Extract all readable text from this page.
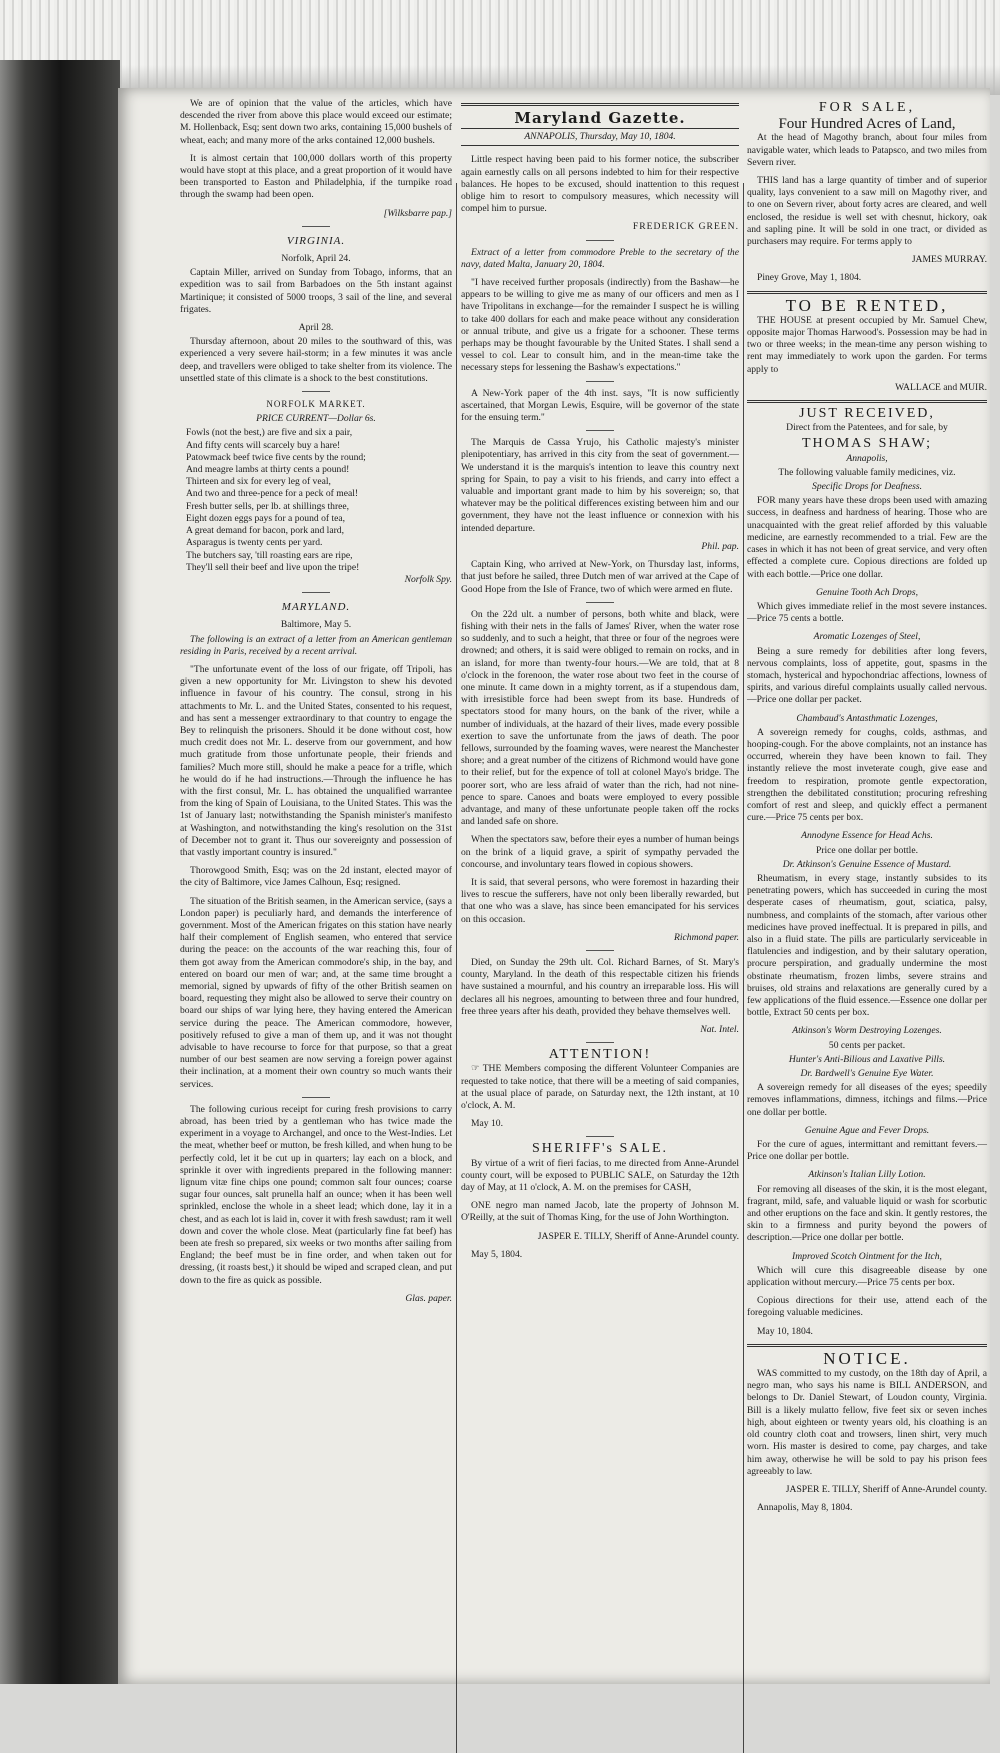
We are of opinion that the value of the articles, which have descended the river from above this place would exceed our estimate; M. Hollenback, Esq; sent down two arks, containing 15,000 bushels of wheat, each; and many more of the arks contained 12,000 bushels.

It is almost certain that 100,000 dollars worth of this property would have stopt at this place, and a great proportion of it would have been transported to Easton and Philadelphia, if the turnpike road through the swamp had been open.

[Wilksbarre pap.]

VIRGINIA.

Norfolk, April 24.

Captain Miller, arrived on Sunday from Tobago, informs, that an expedition was to sail from Barbadoes on the 5th instant against Martinique; it consisted of 5000 troops, 3 sail of the line, and several frigates.

April 28.

Thursday afternoon, about 20 miles to the southward of this, was experienced a very severe hail-storm; in a few minutes it was ancle deep, and travellers were obliged to take shelter from its violence. The unsettled state of this climate is a shock to the best constitutions.

NORFOLK MARKET.

PRICE CURRENT—Dollar 6s.

Fowls (not the best,) are five and six a pair,

And fifty cents will scarcely buy a hare!

Patowmack beef twice five cents by the round;

And meagre lambs at thirty cents a pound!

Thirteen and six for every leg of veal,

And two and three-pence for a peck of meal!

Fresh butter sells, per lb. at shillings three,

Eight dozen eggs pays for a pound of tea,

A great demand for bacon, pork and lard,

Asparagus is twenty cents per yard.

The butchers say, 'till roasting ears are ripe,

They'll sell their beef and live upon the tripe!

Norfolk Spy.

MARYLAND.

Baltimore, May 5.

The following is an extract of a letter from an American gentleman residing in Paris, received by a recent arrival.

"The unfortunate event of the loss of our frigate, off Tripoli, has given a new opportunity for Mr. Livingston to shew his devoted influence in favour of his country. The consul, strong in his attachments to Mr. L. and the United States, consented to his request, and has sent a messenger extraordinary to that country to engage the Bey to relinquish the prisoners. Should it be done without cost, how much credit does not Mr. L. deserve from our government, and how much gratitude from those unfortunate people, their friends and families? Much more still, should he make a peace for a trifle, which he would do if he had instructions.—Through the influence he has with the first consul, Mr. L. has obtained the unqualified warrantee from the king of Spain of Louisiana, to the United States. This was the 1st of January last; notwithstanding the Spanish minister's manifesto at Washington, and notwithstanding the king's resolution on the 31st of December not to grant it. Thus our sovereignty and possession of that vastly important country is insured."

Thorowgood Smith, Esq; was on the 2d instant, elected mayor of the city of Baltimore, vice James Calhoun, Esq; resigned.

The situation of the British seamen, in the American service, (says a London paper) is peculiarly hard, and demands the interference of government. Most of the American frigates on this station have nearly half their complement of English seamen, who entered that service during the peace: on the accounts of the war reaching this, four of them got away from the American commodore's ship, in the bay, and entered on board our men of war; and, at the same time brought a memorial, signed by upwards of fifty of the other British seamen on board, requesting they might also be allowed to serve their country on board our ships of war lying here, they having entered the American service during the peace. The American commodore, however, positively refused to give a man of them up, and it was not thought advisable to have recourse to force for that purpose, so that a great number of our best seamen are now serving a foreign power against their inclination, at a moment their own country so much wants their services.

The following curious receipt for curing fresh provisions to carry abroad, has been tried by a gentleman who has twice made the experiment in a voyage to Archangel, and once to the West-Indies. Let the meat, whether beef or mutton, be fresh killed, and when hung to be perfectly cold, let it be cut up in quarters; lay each on a block, and sprinkle it over with ingredients prepared in the following manner: lignum vitæ fine chips one pound; common salt four ounces; coarse sugar four ounces, salt prunella half an ounce; when it has been well sprinkled, enclose the whole in a sheet lead; which done, lay it in a chest, and as each lot is laid in, cover it with fresh sawdust; ram it well down and cover the whole close. Meat (particularly fine fat beef) has been ate fresh so prepared, six weeks or two months after sailing from England; the beef must be in fine order, and when taken out for dressing, (it roasts best,) it should be wiped and scraped clean, and put down to the fire as quick as possible.

Glas. paper.

Maryland Gazette.

ANNAPOLIS, Thursday, May 10, 1804.

Little respect having been paid to his former notice, the subscriber again earnestly calls on all persons indebted to him for their respective balances. He hopes to be excused, should inattention to this request oblige him to resort to compulsory measures, which necessity will compel him to pursue.

FREDERICK GREEN.

Extract of a letter from commodore Preble to the secretary of the navy, dated Malta, January 20, 1804.

"I have received further proposals (indirectly) from the Bashaw—he appears to be willing to give me as many of our officers and men as I have Tripolitans in exchange—for the remainder I suspect he is willing to take 400 dollars for each and make peace without any consideration or annual tribute, and give us a frigate for a schooner. These terms perhaps may be thought favourable by the United States. I shall send a vessel to col. Lear to consult him, and in the mean-time take the necessary steps for lessening the Bashaw's expectations."

A New-York paper of the 4th inst. says, "It is now sufficiently ascertained, that Morgan Lewis, Esquire, will be governor of the state for the ensuing term."

The Marquis de Cassa Yrujo, his Catholic majesty's minister plenipotentiary, has arrived in this city from the seat of government.—We understand it is the marquis's intention to leave this country next spring for Spain, to pay a visit to his friends, and carry into effect a valuable and important grant made to him by his sovereign; so, that whatever may be the political differences existing between him and our government, they have not the least influence or connexion with his intended departure.

Phil. pap.

Captain King, who arrived at New-York, on Thursday last, informs, that just before he sailed, three Dutch men of war arrived at the Cape of Good Hope from the Isle of France, two of which were armed en flute.

On the 22d ult. a number of persons, both white and black, were fishing with their nets in the falls of James' River, when the water rose so suddenly, and to such a height, that three or four of the negroes were drowned; and others, it is said were obliged to remain on rocks, and in an island, for more than twenty-four hours.—We are told, that at 8 o'clock in the forenoon, the water rose about two feet in the course of one minute. It came down in a mighty torrent, as if a stupendous dam, with irresistible force had been swept from its base. Hundreds of spectators stood for many hours, on the bank of the river, while a number of individuals, at the hazard of their lives, made every possible exertion to save the unfortunate from the jaws of death. The poor fellows, surrounded by the foaming waves, were nearest the Manchester shore; and a great number of the citizens of Richmond would have gone to their relief, but for the expence of toll at colonel Mayo's bridge. The poorer sort, who are less afraid of water than the rich, had not nine-pence to spare. Canoes and boats were employed to every possible advantage, and many of these unfortunate people taken off the rocks and landed safe on shore.

When the spectators saw, before their eyes a number of human beings on the brink of a liquid grave, a spirit of sympathy pervaded the concourse, and involuntary tears flowed in copious showers.

It is said, that several persons, who were foremost in hazarding their lives to rescue the sufferers, have not only been liberally rewarded, but that one who was a slave, has since been emancipated for his services on this occasion.

Richmond paper.

Died, on Sunday the 29th ult. Col. Richard Barnes, of St. Mary's county, Maryland. In the death of this respectable citizen his friends have sustained a mournful, and his country an irreparable loss. His will declares all his negroes, amounting to between three and four hundred, free three years after his death, provided they behave themselves well.

Nat. Intel.

ATTENTION!

☞ THE Members composing the different Volunteer Companies are requested to take notice, that there will be a meeting of said companies, at the usual place of parade, on Saturday next, the 12th instant, at 10 o'clock, A. M.

May 10.

SHERIFF's SALE.

By virtue of a writ of fieri facias, to me directed from Anne-Arundel county court, will be exposed to PUBLIC SALE, on Saturday the 12th day of May, at 11 o'clock, A. M. on the premises for CASH,

ONE negro man named Jacob, late the property of Johnson M. O'Reilly, at the suit of Thomas King, for the use of John Worthington.

JASPER E. TILLY, Sheriff of Anne-Arundel county.

May 5, 1804.

FOR SALE,

Four Hundred Acres of Land,

At the head of Magothy branch, about four miles from navigable water, which leads to Patapsco, and two miles from Severn river.

THIS land has a large quantity of timber and of superior quality, lays convenient to a saw mill on Magothy river, and to one on Severn river, about forty acres are cleared, and well enclosed, the residue is well set with chesnut, hickory, oak and sapling pine. It will be sold in one tract, or divided as purchasers may require. For terms apply to

JAMES MURRAY.

Piney Grove, May 1, 1804.

TO BE RENTED,

THE HOUSE at present occupied by Mr. Samuel Chew, opposite major Thomas Harwood's. Possession may be had in two or three weeks; in the mean-time any person wishing to rent may immediately to work upon the garden. For terms apply to

WALLACE and MUIR.

JUST RECEIVED,

Direct from the Patentees, and for sale, by

THOMAS SHAW;

Annapolis,

The following valuable family medicines, viz.

Specific Drops for Deafness.

FOR many years have these drops been used with amazing success, in deafness and hardness of hearing. Those who are unacquainted with the great relief afforded by this valuable medicine, are earnestly recommended to a trial. Few are the cases in which it has not been of great service, and very often effected a complete cure. Copious directions are folded up with each bottle.—Price one dollar.

Genuine Tooth Ach Drops,

Which gives immediate relief in the most severe instances.—Price 75 cents a bottle.

Aromatic Lozenges of Steel,

Being a sure remedy for debilities after long fevers, nervous complaints, loss of appetite, gout, spasms in the stomach, hysterical and hypochondriac affections, lowness of spirits, and various direful complaints usually called nervous.—Price one dollar per packet.

Chambaud's Antasthmatic Lozenges,

A sovereign remedy for coughs, colds, asthmas, and hooping-cough. For the above complaints, not an instance has occurred, wherein they have been known to fail. They instantly relieve the most inveterate cough, give ease and freedom to respiration, promote gentle expectoration, strengthen the debilitated constitution; procuring refreshing comfort of rest and sleep, and quickly effect a permanent cure.—Price 75 cents per box.

Annodyne Essence for Head Achs.

Price one dollar per bottle.

Dr. Atkinson's Genuine Essence of Mustard.

Rheumatism, in every stage, instantly subsides to its penetrating powers, which has succeeded in curing the most desperate cases of rheumatism, gout, sciatica, palsy, numbness, and complaints of the stomach, after various other medicines have proved ineffectual. It is prepared in pills, and also in a fluid state. The pills are particularly serviceable in flatulencies and indigestion, and by their salutary operation, procure perspiration, and gradually undermine the most obstinate rheumatism, frozen limbs, severe strains and bruises, old strains and relaxations are generally cured by a few applications of the fluid essence.—Essence one dollar per bottle, Extract 50 cents per box.

Atkinson's Worm Destroying Lozenges.

50 cents per packet.

Hunter's Anti-Bilious and Laxative Pills.

Dr. Bardwell's Genuine Eye Water.

A sovereign remedy for all diseases of the eyes; speedily removes inflammations, dimness, itchings and films.—Price one dollar per bottle.

Genuine Ague and Fever Drops.

For the cure of agues, intermittant and remittant fevers.—Price one dollar per bottle.

Atkinson's Italian Lilly Lotion.

For removing all diseases of the skin, it is the most elegant, fragrant, mild, safe, and valuable liquid or wash for scorbutic and other eruptions on the face and skin. It gently restores, the skin to a firmness and purity beyond the powers of description.—Price one dollar per bottle.

Improved Scotch Ointment for the Itch,

Which will cure this disagreeable disease by one application without mercury.—Price 75 cents per box.

Copious directions for their use, attend each of the foregoing valuable medicines.

May 10, 1804.

NOTICE.

WAS committed to my custody, on the 18th day of April, a negro man, who says his name is BILL ANDERSON, and belongs to Dr. Daniel Stewart, of Loudon county, Virginia. Bill is a likely mulatto fellow, five feet six or seven inches high, about eighteen or twenty years old, his cloathing is an old country cloth coat and trowsers, linen shirt, very much worn. His master is desired to come, pay charges, and take him away, otherwise he will be sold to pay his prison fees agreeably to law.

JASPER E. TILLY, Sheriff of Anne-Arundel county.

Annapolis, May 8, 1804.
